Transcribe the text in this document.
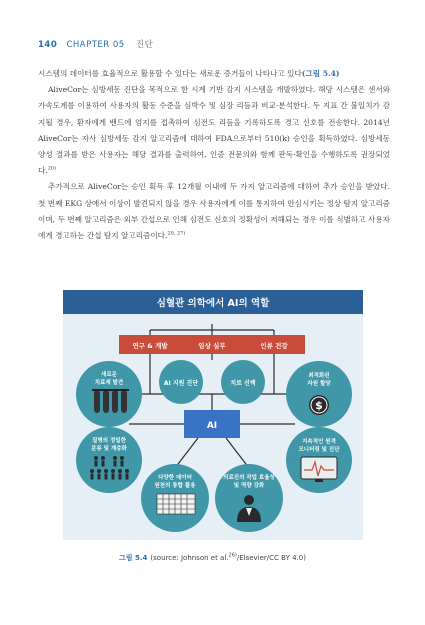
140 CHAPTER 05 진단

시스템의 데이터를 효율적으로 활용할 수 있다는 새로운 증거들이 나타나고 있다(그림 5.4)

AliveCor는 심방세동 진단을 목적으로 한 시계 기반 감지 시스템을 개발하였다. 해당 시스템은 센서와 가속도계를 이용하여 사용자의 활동 수준을 심박수 및 심장 리듬과 비교·분석한다. 두 지표 간 불일치가 감지될 경우, 환자에게 밴드에 엄지를 접촉하여 심전도 리듬을 기록하도록 경고 신호를 전송한다. 2014년 AliveCor는 자사 심방세동 감지 알고리즘에 대하여 FDA으로부터 510(k) 승인을 획득하였다. 심방세동 양성 결과를 받은 사용자는 해당 결과를 출력하여, 인증 전문의와 함께 판독·확인을 수행하도록 권장되었다.$^{20)}$

추가적으로 AliveCor는 승인 획득 후 12개월 이내에 두 가지 알고리즘에 대하여 추가 승인을 받았다. 첫 번째 EKG 상에서 이상이 발견되지 않을 경우 사용자에게 이를 통지하여 안심시키는 정상 탐지 알고리즘이며, 두 번째 알고리즘은 외부 간섭으로 인해 심전도 신호의 정확성이 저해되는 경우 이를 식별하고 사용자에게 경고하는 간섭 탐지 알고리즘이다.$^{20, 27)}$

심혈관 의학에서 AI의 역할
연구 & 개발	임상 실무	인류 건강
AI 지원 진단	치료 선택
AI
새로운
치료제 발견
질병의 정밀한
분류 및 계층화
최적화된
자원 할당
$
지속적인 원격
모니터링 및 진단
다양한 데이터
원천의 통합 활용
의료진의 작업 효율성
및 역량 강화
그림 5.4 (source: Johnson et al.$^{26)}$/Elsevier/CC BY 4.0)
